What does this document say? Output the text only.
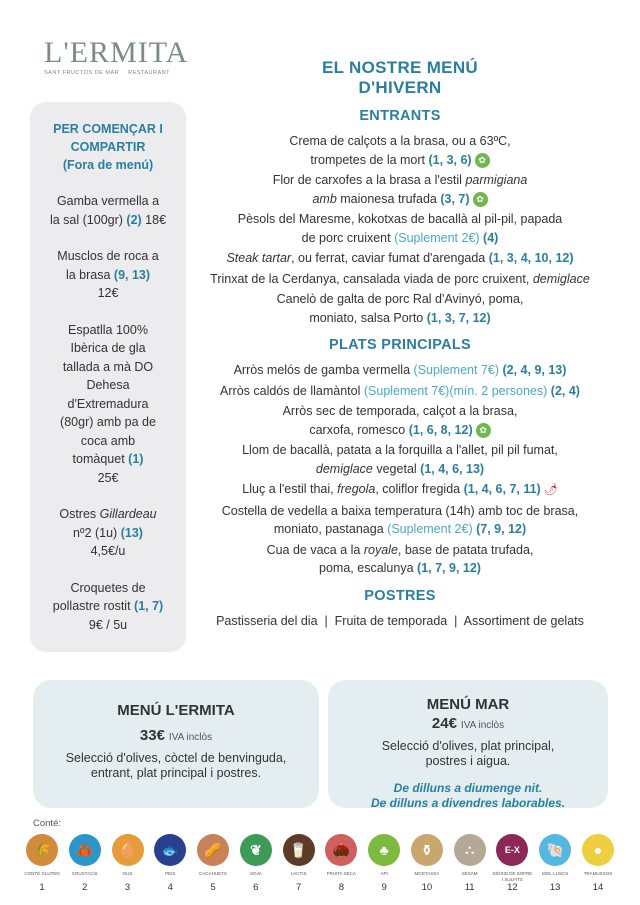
L'ERMITA
SANT FRUCTÓS DE MAR RESTAURANT	EL NOSTRE MENÚ D'HIVERN
PER COMENÇAR I
COMPARTIR
(Fora de menú)
Gamba vermella a
la sal (100gr) (2) 18€
Musclos de roca a
la brasa (9, 13)
12€
Espatlla 100%
Ibèrica de gla
tallada a mà DO
Dehesa
d'Extremadura
(80gr) amb pa de
coca amb
tomàquet (1)
25€
Ostres Gillardeau
nº2 (1u) (13)
4,5€/u
Croquetes de
pollastre rostit (1, 7)
9€ / 5u
ENTRANTS
Crema de calçots a la brasa, ou a 63ºC,
trompetes de la mort (1, 3, 6) ✿
Flor de carxofes a la brasa a l'estil parmigiana
amb maionesa trufada (3, 7) ✿
Pèsols del Maresme, kokotxas de bacallà al pil-pil, papada
de porc cruixent (Suplement 2€) (4)
Steak tartar, ou ferrat, caviar fumat d'arengada (1, 3, 4, 10, 12)
Trinxat de la Cerdanya, cansalada viada de porc cruixent, demiglace
Canelò de galta de porc Ral d'Avinyó, poma,
moniato, salsa Porto (1, 3, 7, 12)
PLATS PRINCIPALS
Arròs melós de gamba vermella (Suplement 7€) (2, 4, 9, 13)
Arròs caldós de llamàntol (Suplement 7€)(mín. 2 persones) (2, 4)
Arròs sec de temporada, calçot a la brasa,
carxofa, romesco (1, 6, 8, 12) ✿
Llom de bacallà, patata a la forquilla a l'allet, pil pil fumat,
demiglace vegetal (1, 4, 6, 13)
Lluç a l'estil thai, fregola, coliflor fregida (1, 4, 6, 7, 11) 🌶
Costella de vedella a baixa temperatura (14h) amb toc de brasa,
moniato, pastanaga (Suplement 2€) (7, 9, 12)
Cua de vaca a la royale, base de patata trufada,
poma, escalunya (1, 7, 9, 12)
POSTRES
Pastisseria del dia  |  Fruita de temporada  |  Assortiment de gelats
MENÚ L'ERMITA
33€ IVA inclòs
Selecció d'olives, còctel de benvinguda,
entrant, plat principal i postres.
MENÚ MAR
24€ IVA inclòs
Selecció d'olives, plat principal,
postres i aigua.
De dilluns a diumenge nit.
De dilluns a divendres laborables.
Conté:
🌾
CONTÉ GLUTEN
1
🦀
CRUSTACIS
2
🥚
OUS
3
🐟
PEIX
4
🥜
CACAHUETS
5
❦
SOJA
6
🥛
LACTIS
7
🌰
FRUITA SECA
8
♣
API
9
⚱
MOSTASSA
10
∴
SÈSAM
11
E-X
DIÒXID DE SOFRE I SULFITS
12
🐚
MOL·LUSCS
13
●
TRAMUSSOS
14
